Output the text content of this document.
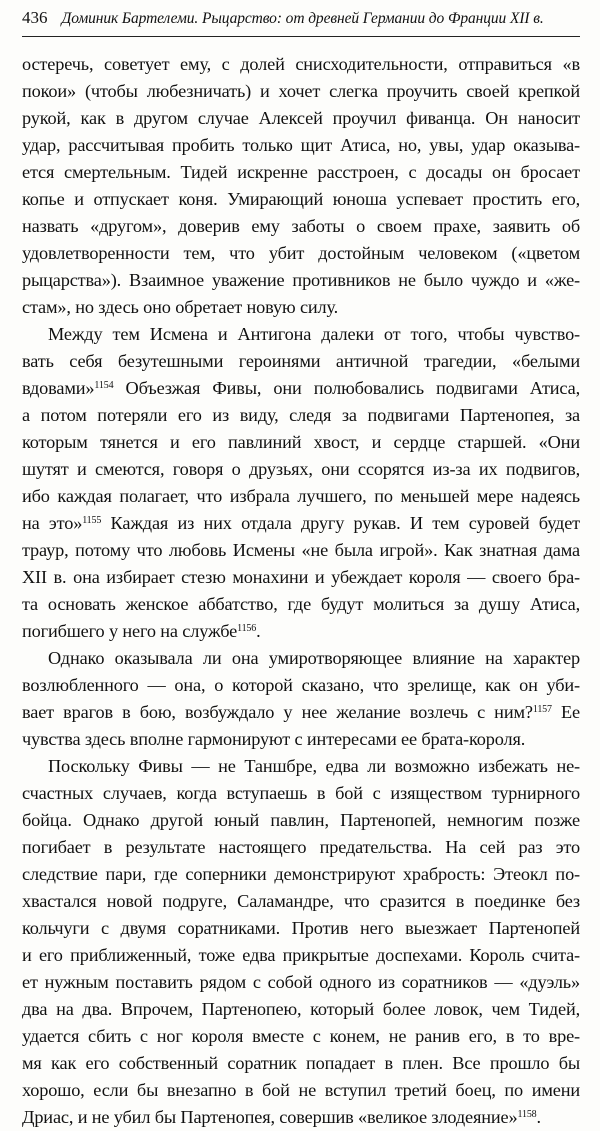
436 Доминик Бартелеми. Рыцарство: от древней Германии до Франции XII в.
остеречь, советует ему, с долей снисходительности, отправиться «в
покои» (чтобы любезничать) и хочет слегка проучить своей крепкой
рукой, как в другом случае Алексей проучил фиванца. Он наносит
удар, рассчитывая пробить только щит Атиса, но, увы, удар оказыва-
ется смертельным. Тидей искренне расстроен, с досады он бросает
копье и отпускает коня. Умирающий юноша успевает простить его,
назвать «другом», доверив ему заботы о своем прахе, заявить об
удовлетворенности тем, что убит достойным человеком («цветом
рыцарства»). Взаимное уважение противников не было чуждо и «же-
стам», но здесь оно обретает новую силу.
Между тем Исмена и Антигона далеки от того, чтобы чувство-
вать себя безутешными героинями античной трагедии, «белыми
вдовами»$^{1154}$ Объезжая Фивы, они полюбовались подвигами Атиса,
а потом потеряли его из виду, следя за подвигами Партенопея, за
которым тянется и его павлиний хвост, и сердце старшей. «Они
шутят и смеются, говоря о друзьях, они ссорятся из-за их подвигов,
ибо каждая полагает, что избрала лучшего, по меньшей мере надеясь
на это»$^{1155}$ Каждая из них отдала другу рукав. И тем суровей будет
траур, потому что любовь Исмены «не была игрой». Как знатная дама
XII в. она избирает стезю монахини и убеждает короля — своего бра-
та основать женское аббатство, где будут молиться за душу Атиса,
погибшего у него на службе$^{1156}$.
Однако оказывала ли она умиротворяющее влияние на характер
возлюбленного — она, о которой сказано, что зрелище, как он уби-
вает врагов в бою, возбуждало у нее желание возлечь с ним?$^{1157}$ Ее
чувства здесь вполне гармонируют с интересами ее брата-короля.
Поскольку Фивы — не Таншбре, едва ли возможно избежать не-
счастных случаев, когда вступаешь в бой с изяществом турнирного
бойца. Однако другой юный павлин, Партенопей, немногим позже
погибает в результате настоящего предательства. На сей раз это
следствие пари, где соперники демонстрируют храбрость: Этеокл по-
хвастался новой подруге, Саламандре, что сразится в поединке без
кольчуги с двумя соратниками. Против него выезжает Партенопей
и его приближенный, тоже едва прикрытые доспехами. Король счита-
ет нужным поставить рядом с собой одного из соратников — «дуэль»
два на два. Впрочем, Партенопею, который более ловок, чем Тидей,
удается сбить с ног короля вместе с конем, не ранив его, в то вре-
мя как его собственный соратник попадает в плен. Все прошло бы
хорошо, если бы внезапно в бой не вступил третий боец, по имени
Дриас, и не убил бы Партенопея, совершив «великое злодеяние»$^{1158}$.
